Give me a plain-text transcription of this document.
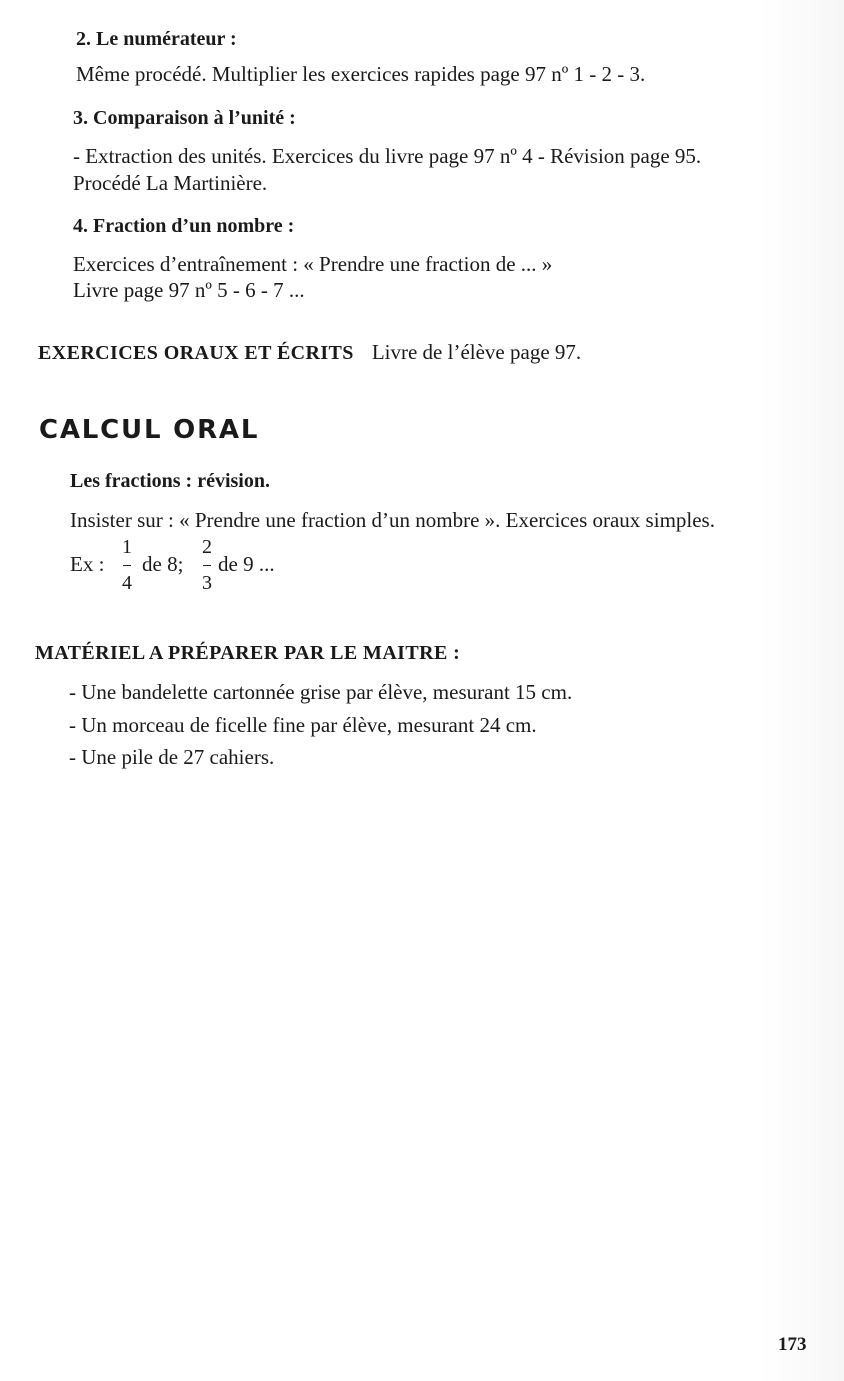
2. Le numérateur :
Même procédé. Multiplier les exercices rapides page 97 nº 1 - 2 - 3.
3. Comparaison à l’unité :
- Extraction des unités. Exercices du livre page 97 nº 4 - Révision page 95.
Procédé La Martinière.
4. Fraction d’un nombre :
Exercices d’entraînement : « Prendre une fraction de ... »
Livre page 97 nº 5 - 6 - 7 ...
EXERCICES ORAUX ET ÉCRITS Livre de l’élève page 97.
CALCUL ORAL
Les fractions : révision.
Insister sur : « Prendre une fraction d’un nombre ». Exercices oraux simples.
Ex :
1
4
de 8;
2
3
de 9 ...
MATÉRIEL A PRÉPARER PAR LE MAITRE :
- Une bandelette cartonnée grise par élève, mesurant 15 cm.
- Un morceau de ficelle fine par élève, mesurant 24 cm.
- Une pile de 27 cahiers.
173
